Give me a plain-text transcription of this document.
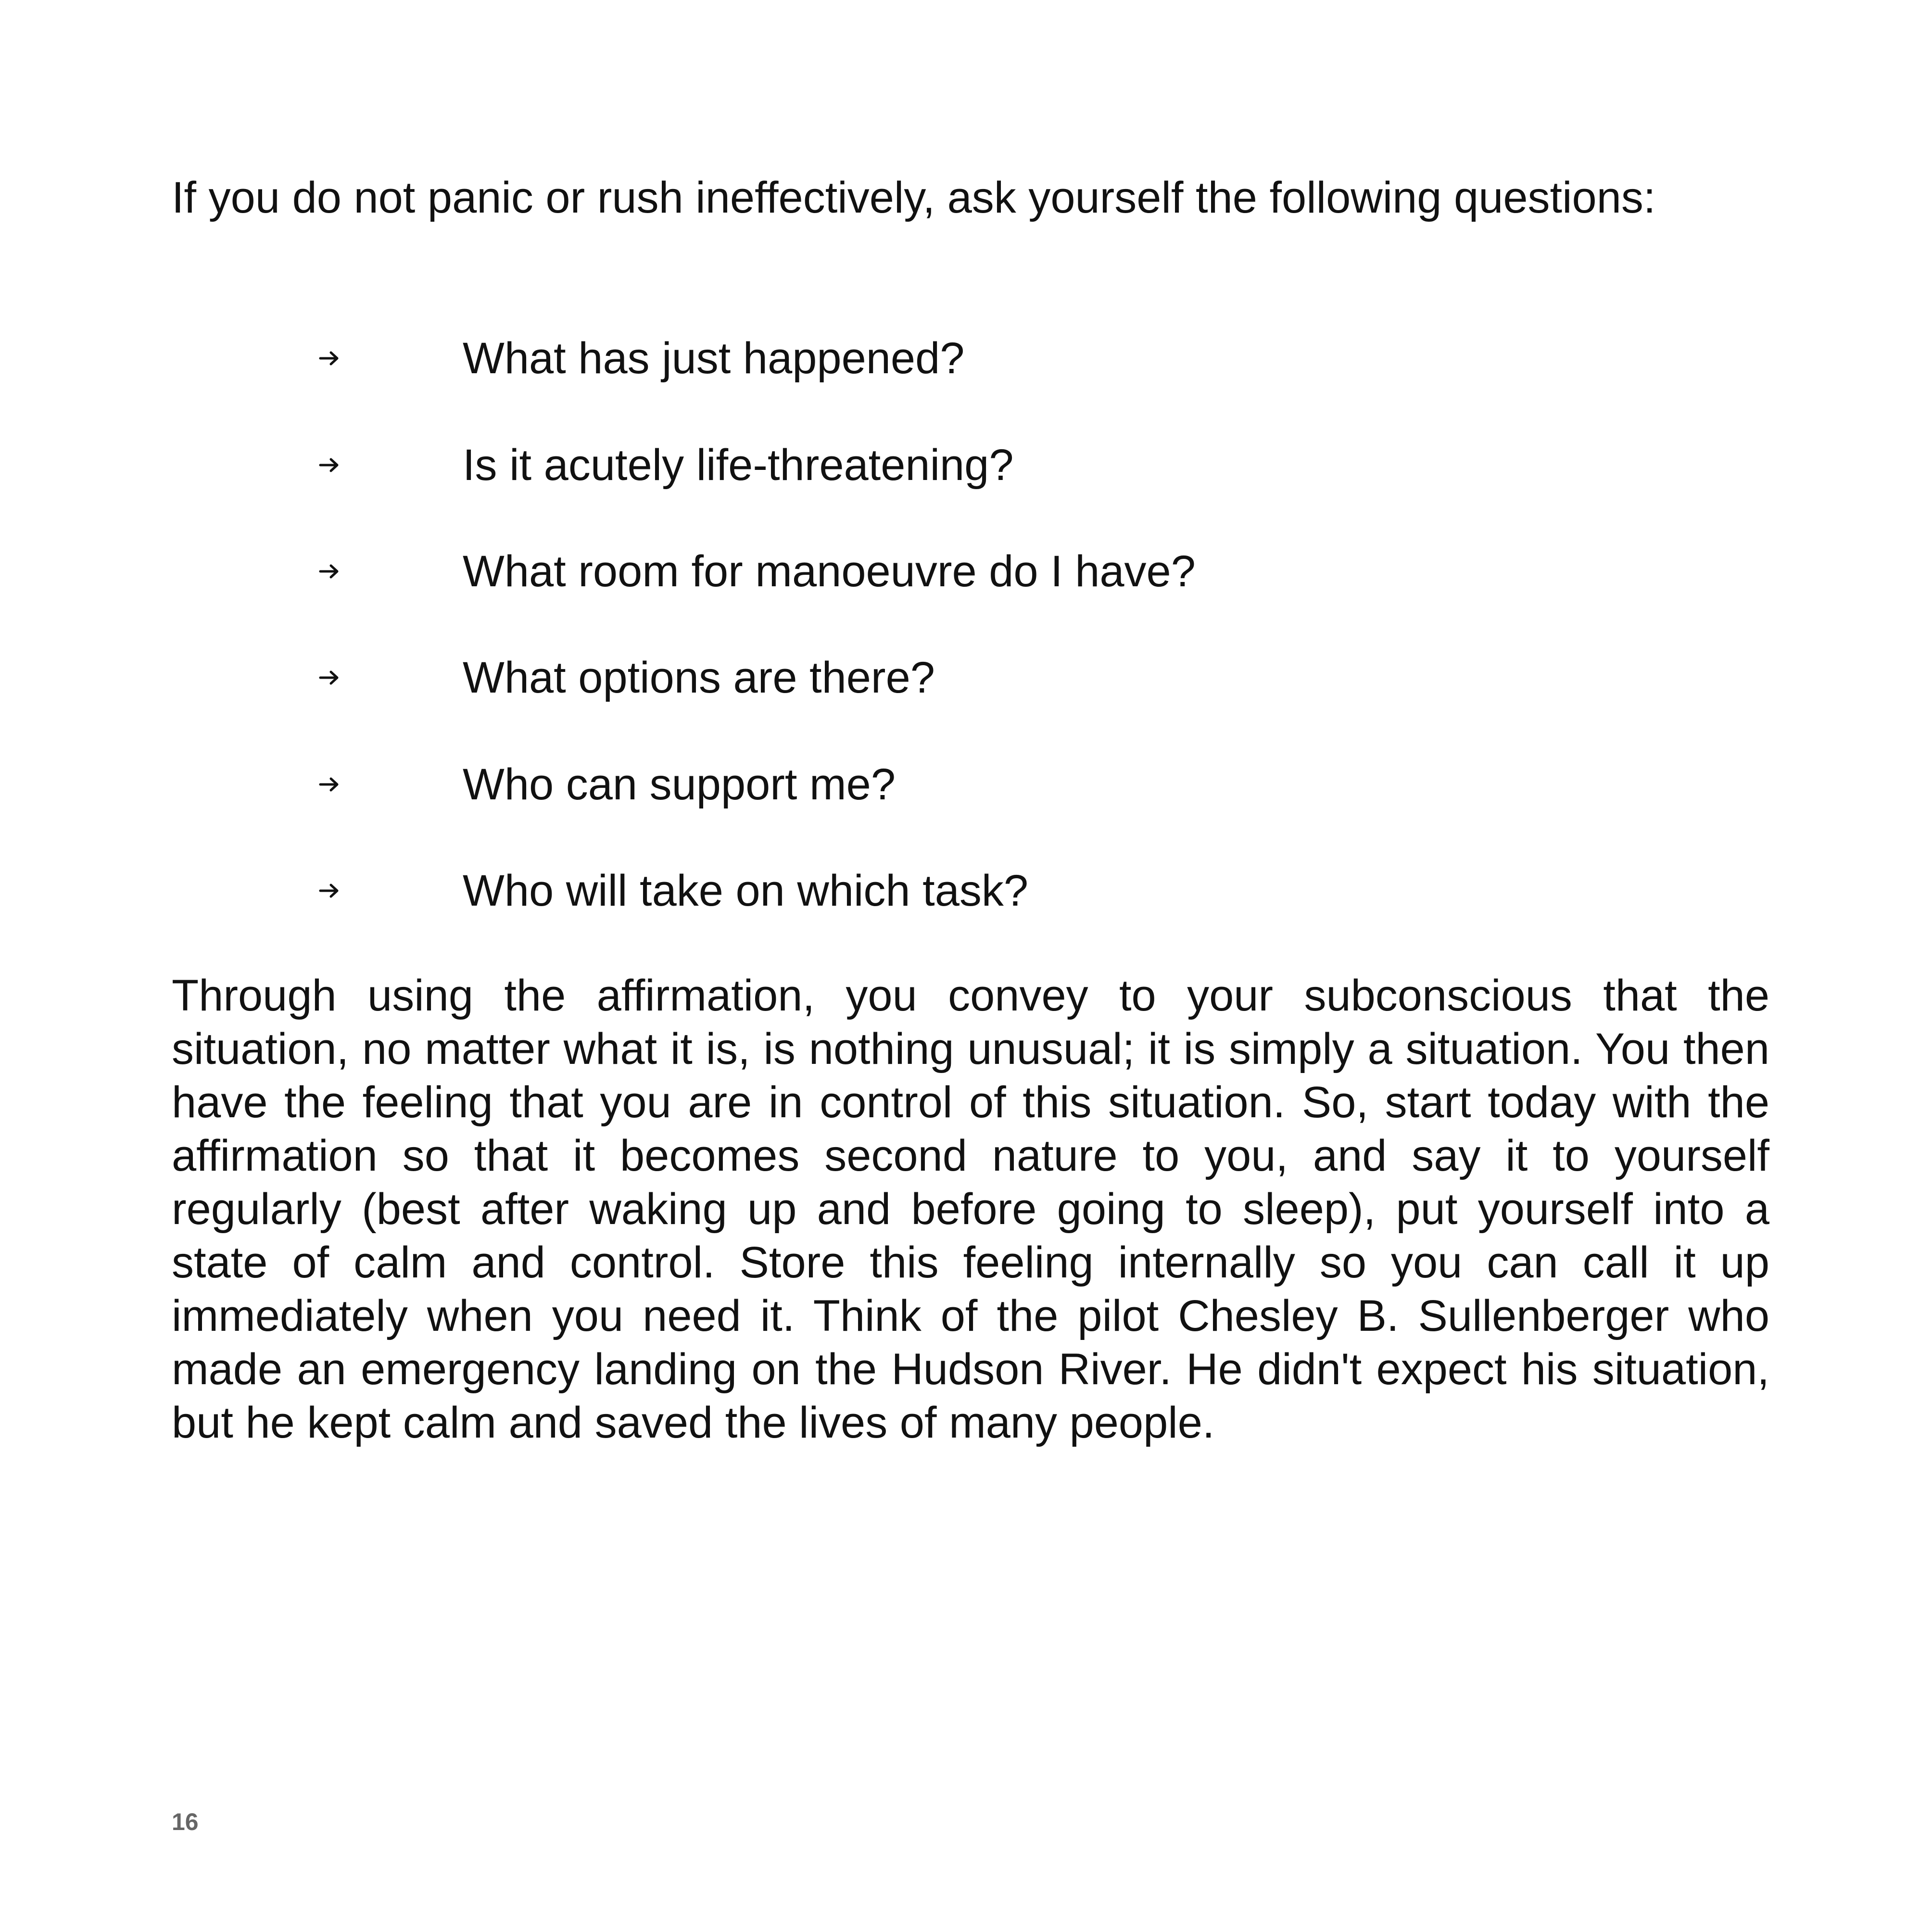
If you do not panic or rush ineffectively, ask yourself the following questions:

What has just happened?
Is it acutely life-threatening?
What room for manoeuvre do I have?
What options are there?
Who can support me?
Who will take on which task?

Through using the affirmation, you convey to your subconscious that the situation, no matter what it is, is nothing unusual; it is simply a situation. You then have the feeling that you are in control of this situation. So, start today with the affirmation so that it becomes second nature to you, and say it to yourself regularly (best after waking up and before going to sleep), put yourself into a state of calm and control. Store this feeling internally so you can call it up immediately when you need it. Think of the pilot Chesley B. Sullenberger who made an emergency landing on the Hudson River. He didn't expect his situation, but he kept calm and saved the lives of many people.

16
